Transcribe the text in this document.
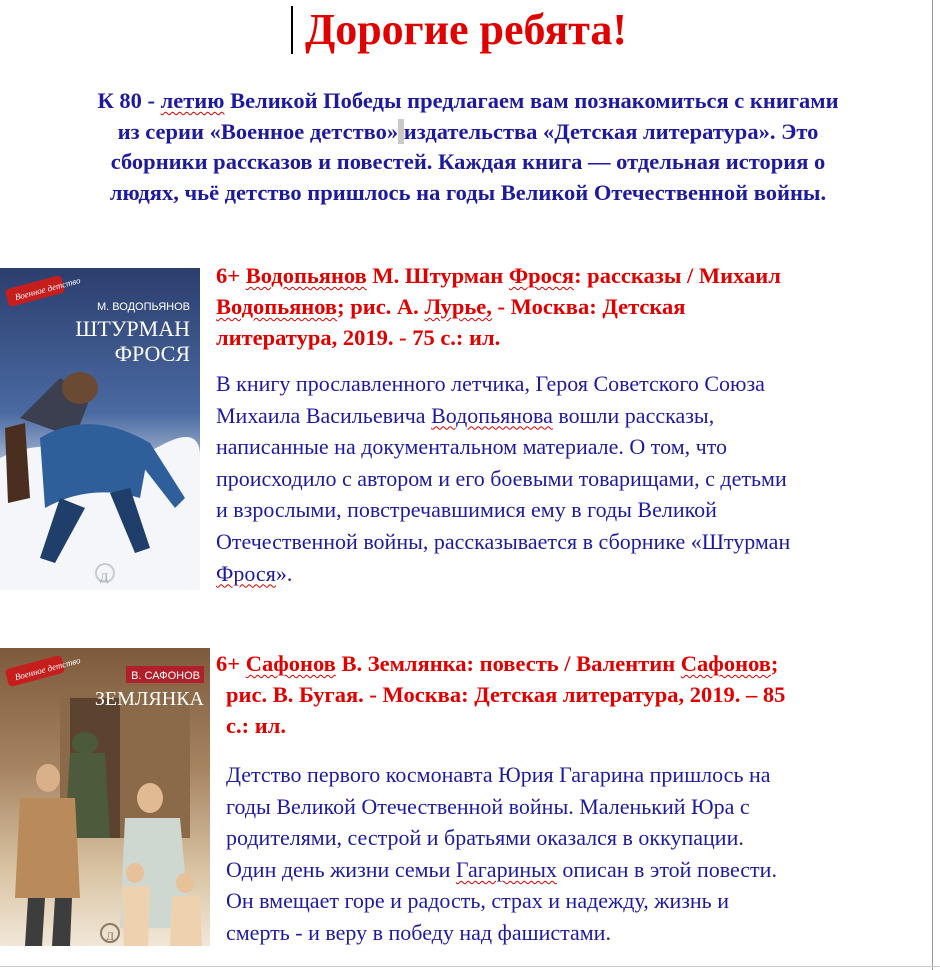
Дорогие ребята!
К 80 - летию Великой Победы предлагаем вам познакомиться с книгами
из серии «Военное детство» издательства «Детская литература». Это
сборники рассказов и повестей. Каждая книга — отдельная история о
людях, чьё детство пришлось на годы Великой Отечественной войны.
Д
Военное детство
М. ВОДОПЬЯНОВ
ШТУРМАН
ФРОСЯ
6+ Водопьянов М. Штурман Фрося: рассказы / Михаил
Водопьянов; рис. А. Лурье, - Москва: Детская
литература, 2019. - 75 с.: ил.
В книгу прославленного летчика, Героя Советского Союза
Михаила Васильевича Водопьянова вошли рассказы,
написанные на документальном материале. О том, что
происходило с автором и его боевыми товарищами, с детьми
и взрослыми, повстречавшимися ему в годы Великой
Отечественной войны, рассказывается в сборнике «Штурман
Фрося».
Д
Военное детство	В. САФОНОВ
ЗЕМЛЯНКА
6+ Сафонов В. Землянка: повесть / Валентин Сафонов;
рис. В. Бугая. - Москва: Детская литература, 2019. – 85
с.: ил.
Детство первого космонавта Юрия Гагарина пришлось на
годы Великой Отечественной войны. Маленький Юра с
родителями, сестрой и братьями оказался в оккупации.
Один день жизни семьи Гагариных описан в этой повести.
Он вмещает горе и радость, страх и надежду, жизнь и
смерть - и веру в победу над фашистами.
